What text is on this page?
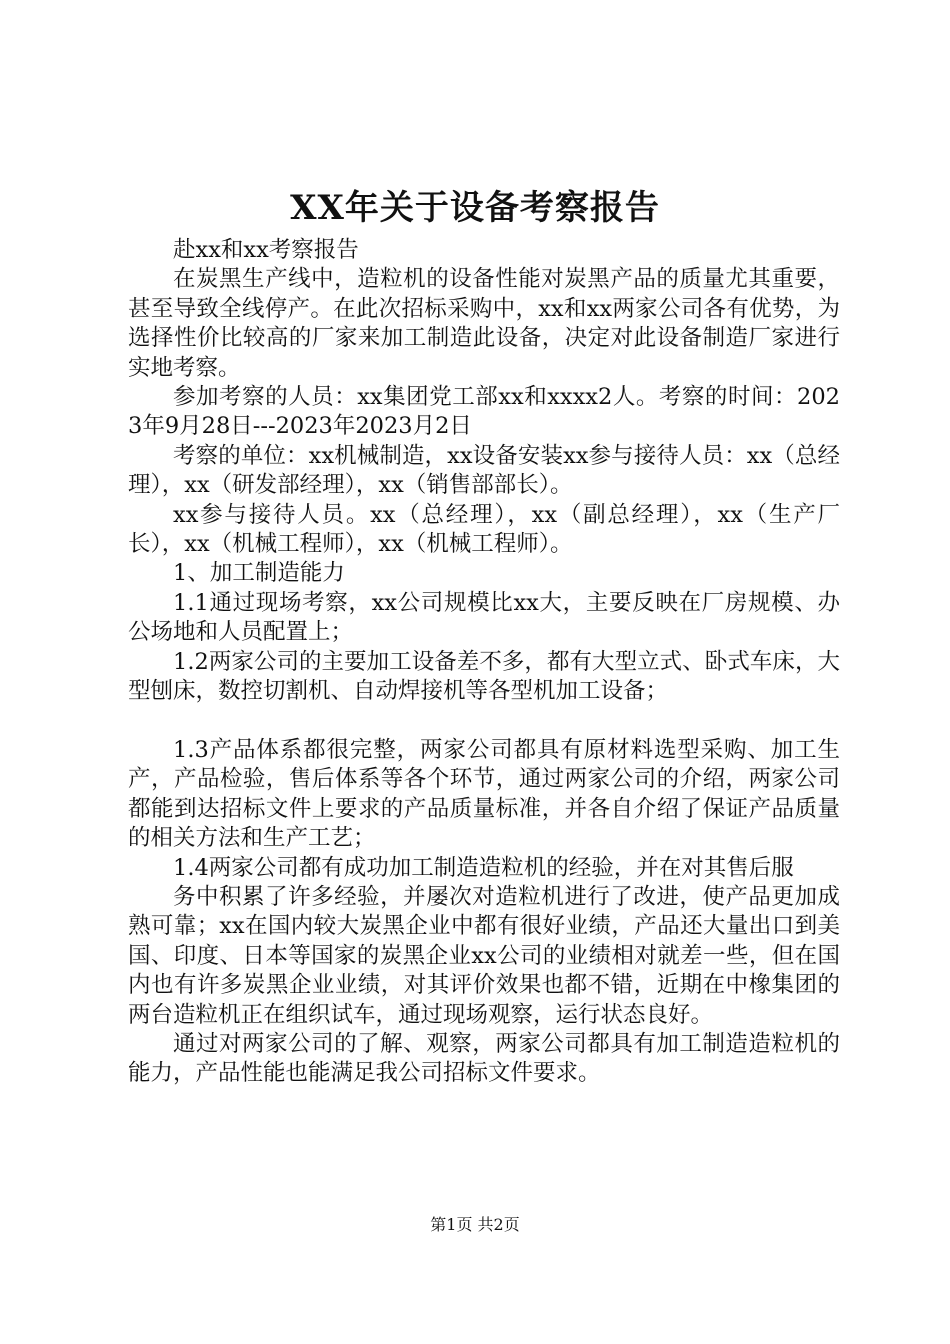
XX年关于设备考察报告

赴xx和xx考察报告

在炭黑生产线中，造粒机的设备性能对炭黑产品的质量尤其重要，甚至导致全线停产。在此次招标采购中，xx和xx两家公司各有优势，为选择性价比较高的厂家来加工制造此设备，决定对此设备制造厂家进行实地考察。

参加考察的人员：xx集团党工部xx和xxxx2人。考察的时间：2023年9月28日---2023年2023月2日

考察的单位：xx机械制造，xx设备安装xx参与接待人员：xx（总经理），xx（研发部经理），xx（销售部部长）。

xx参与接待人员。xx（总经理），xx（副总经理），xx（生产厂长），xx（机械工程师），xx（机械工程师）。

1、加工制造能力

1.1通过现场考察，xx公司规模比xx大，主要反映在厂房规模、办公场地和人员配置上；

1.2两家公司的主要加工设备差不多，都有大型立式、卧式车床，大型刨床，数控切割机、自动焊接机等各型机加工设备；

1.3产品体系都很完整，两家公司都具有原材料选型采购、加工生产，产品检验，售后体系等各个环节，通过两家公司的介绍，两家公司都能到达招标文件上要求的产品质量标准，并各自介绍了保证产品质量的相关方法和生产工艺；

1.4两家公司都有成功加工制造造粒机的经验，并在对其售后服

务中积累了许多经验，并屡次对造粒机进行了改进，使产品更加成熟可靠；xx在国内较大炭黑企业中都有很好业绩，产品还大量出口到美国、印度、日本等国家的炭黑企业xx公司的业绩相对就差一些，但在国内也有许多炭黑企业业绩，对其评价效果也都不错，近期在中橡集团的两台造粒机正在组织试车，通过现场观察，运行状态良好。

通过对两家公司的了解、观察，两家公司都具有加工制造造粒机的能力，产品性能也能满足我公司招标文件要求。

第1页 共2页
